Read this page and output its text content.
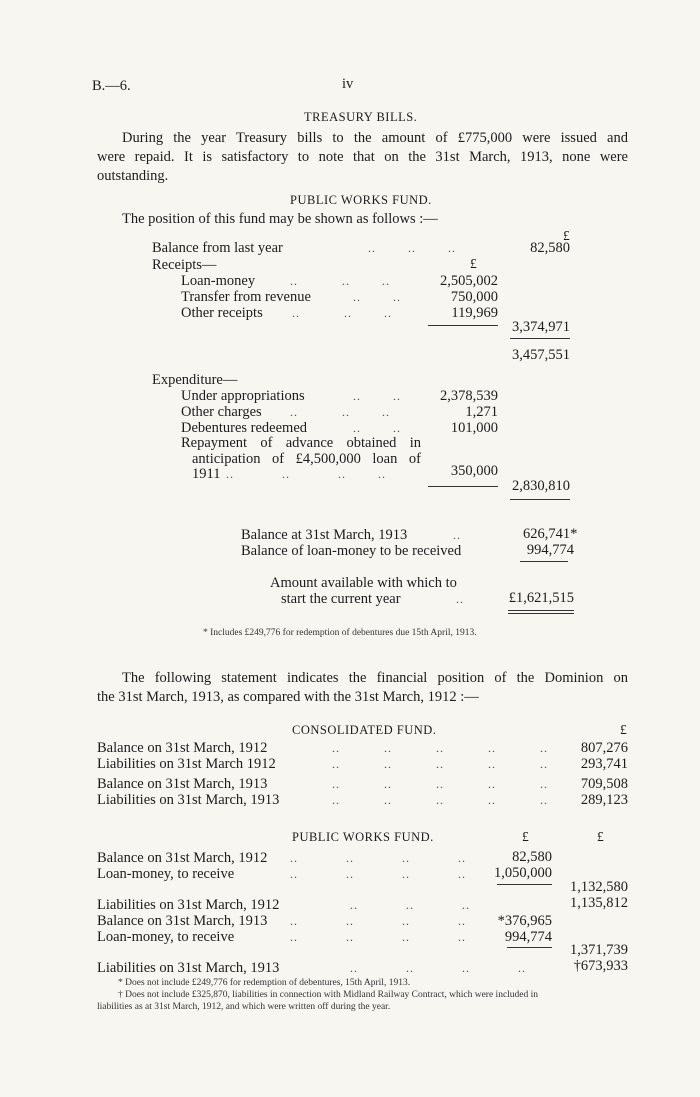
B.—6.	iv
TREASURY BILLS.
During the year Treasury bills to the amount of £775,000 were issued and
were repaid. It is satisfactory to note that on the 31st March, 1913, none were
outstanding.
PUBLIC WORKS FUND.
The position of this fund may be shown as follows :—
£
Balance from last year	..        ..        ..	82,580
Receipts—	£
Loan-money	..           ..        ..	2,505,002
Transfer from revenue	..        ..	750,000
Other receipts ..           ..        ..	119,969
3,374,971
3,457,551
Expenditure—
Under appropriations	..        ..	2,378,539
Other charges ..           ..        ..	1,271
Debentures redeemed	..        ..	101,000
Repayment of advance obtained in
anticipation of £4,500,000 loan of
1911 ..            ..            ..        ..	350,000
2,830,810
Balance at 31st March, 1913	..	626,741*
Balance of loan-money to be received	994,774
Amount available with which to
start the current year	..	£1,621,515
* Includes £249,776 for redemption of debentures due 15th April, 1913.
The following statement indicates the financial position of the Dominion on
the 31st March, 1913, as compared with the 31st March, 1912 :—
CONSOLIDATED FUND.	£
Balance on 31st March, 1912	..           ..           ..           ..           ..	807,276
Liabilities on 31st March 1912	..           ..           ..           ..           ..	293,741
Balance on 31st March, 1913	..           ..           ..           ..           ..	709,508
Liabilities on 31st March, 1913	..           ..           ..           ..           ..	289,123
PUBLIC WORKS FUND.	£	£
Balance on 31st March, 1912 ..            ..            ..            ..	82,580
Loan-money, to receive	..            ..            ..            ..	1,050,000
1,132,580
Liabilities on 31st March, 1912	..            ..            ..	1,135,812
Balance on 31st March, 1913 ..            ..            ..            ..	*376,965
Loan-money, to receive	..            ..            ..            ..	994,774
1,371,739
Liabilities on 31st March, 1913	..            ..            ..            ..	†673,933
* Does not include £249,776 for redemption of debentures, 15th April, 1913.
† Does not include £325,870, liabilities in connection with Midland Railway Contract, which were included in
liabilities as at 31st March, 1912, and which were written off during the year.
